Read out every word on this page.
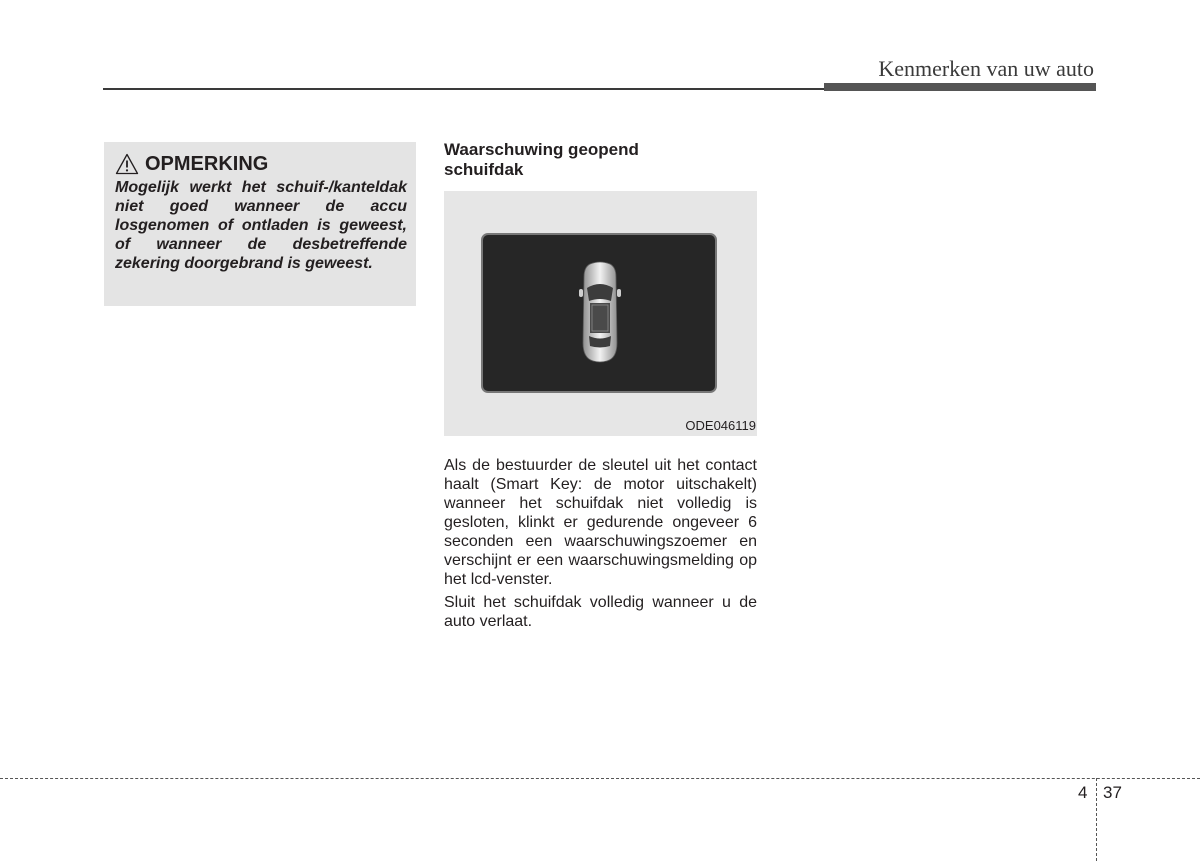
Kenmerken van uw auto
OPMERKING
Mogelijk werkt het schuif-/kanteldak niet goed wanneer de accu losgenomen of ontladen is geweest, of wanneer de desbetreffende zekering doorgebrand is geweest.
Waarschuwing geopend schuifdak
ODE046119

Als de bestuurder de sleutel uit het contact haalt (Smart Key: de motor uitschakelt) wanneer het schuifdak niet volledig is gesloten, klinkt er gedurende ongeveer 6 seconden een waarschuwingszoemer en verschijnt er een waarschuwingsmelding op het lcd-venster.

Sluit het schuifdak volledig wanneer u de auto verlaat.

4 37
